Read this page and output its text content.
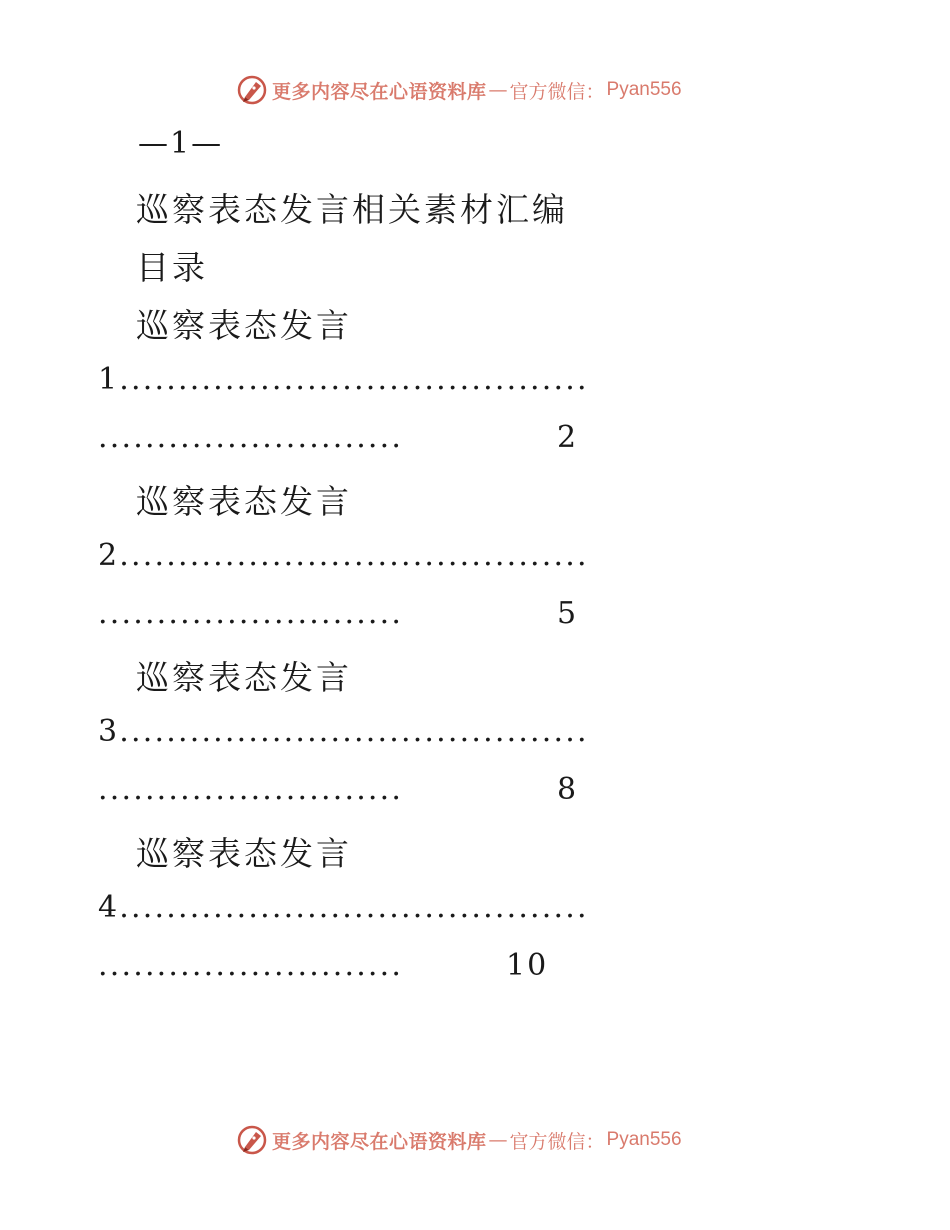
更多内容尽在心语资料库 — 官方微信： Pyan556
—1—
巡察表态发言相关素材汇编
目录
巡察表态发言
1........................................
..........................	2
巡察表态发言
2........................................
..........................	5
巡察表态发言
3........................................
..........................	8
巡察表态发言
4........................................
..........................	10
更多内容尽在心语资料库 — 官方微信： Pyan556
